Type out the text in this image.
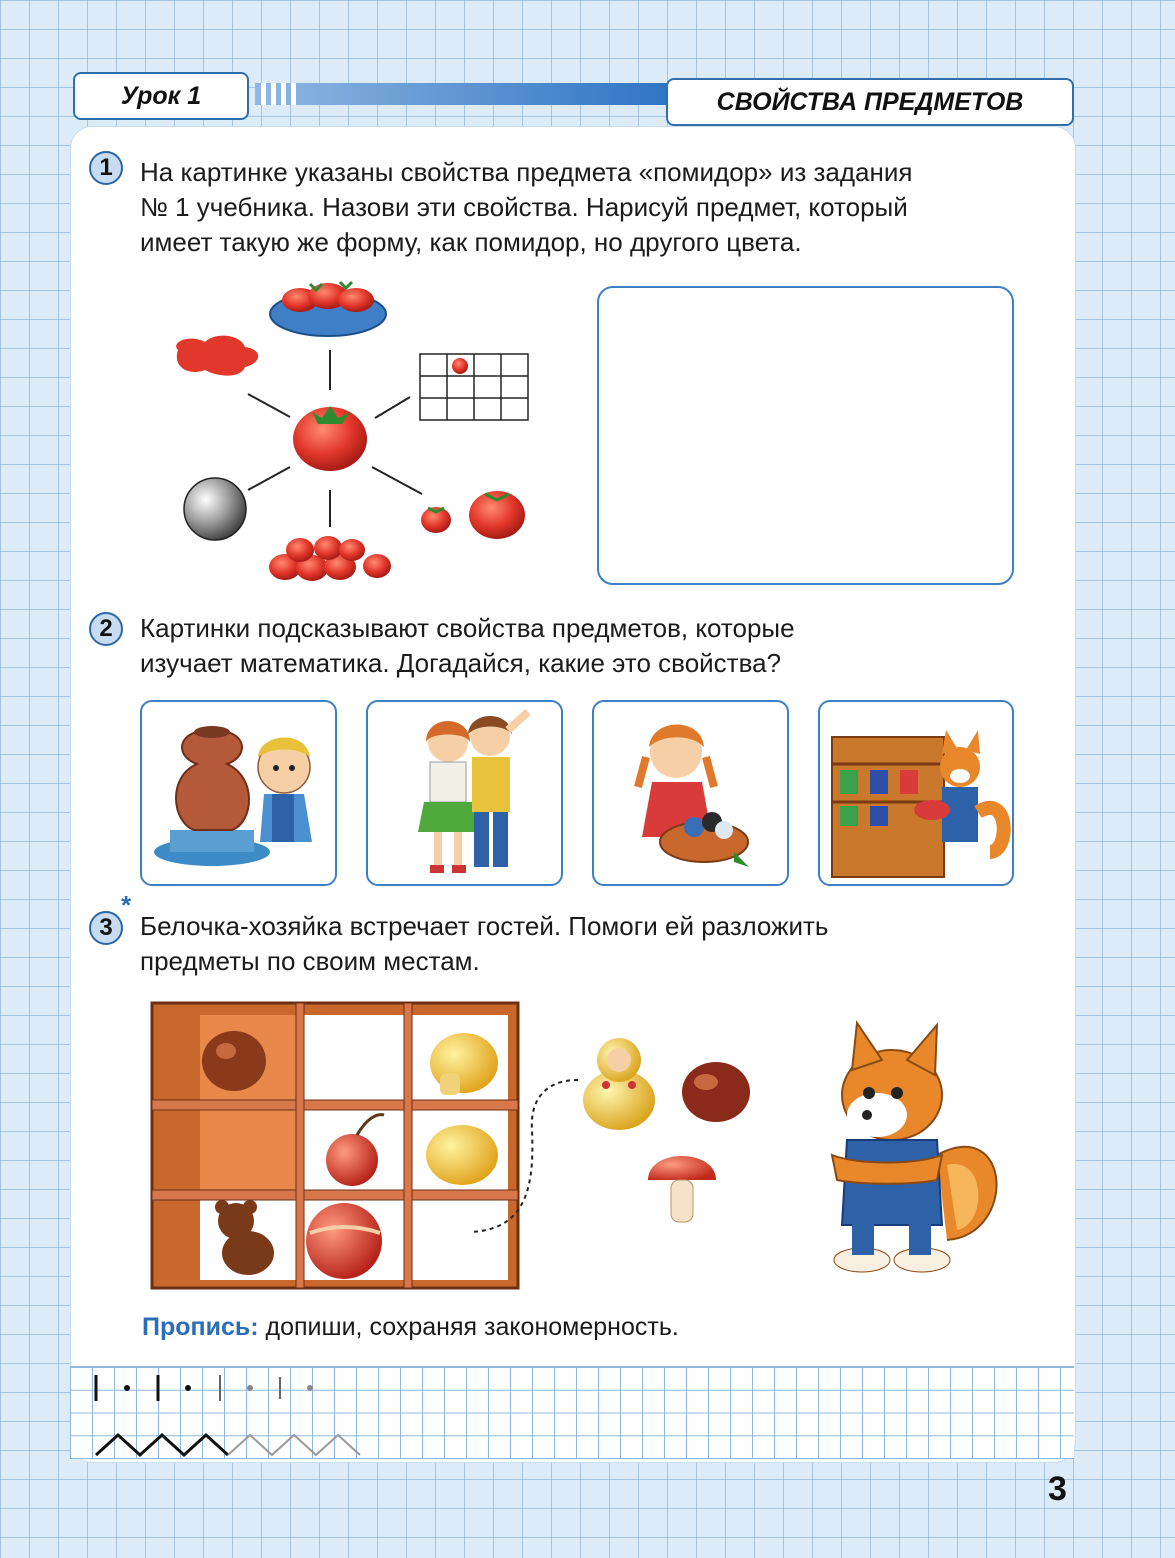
Урок 1	СВОЙСТВА ПРЕДМЕТОВ
1	На картинке указаны свойства предмета «помидор» из задания
№ 1 учебника. Назови эти свойства. Нарисуй предмет, который
имеет такую же форму, как помидор, но другого цвета.
2	Картинки подсказывают свойства предметов, которые
изучает математика. Догадайся, какие это свойства?
3
*
Белочка-хозяйка встречает гостей. Помоги ей разложить
предметы по своим местам.
Пропись: допиши, сохраняя закономерность.
3
